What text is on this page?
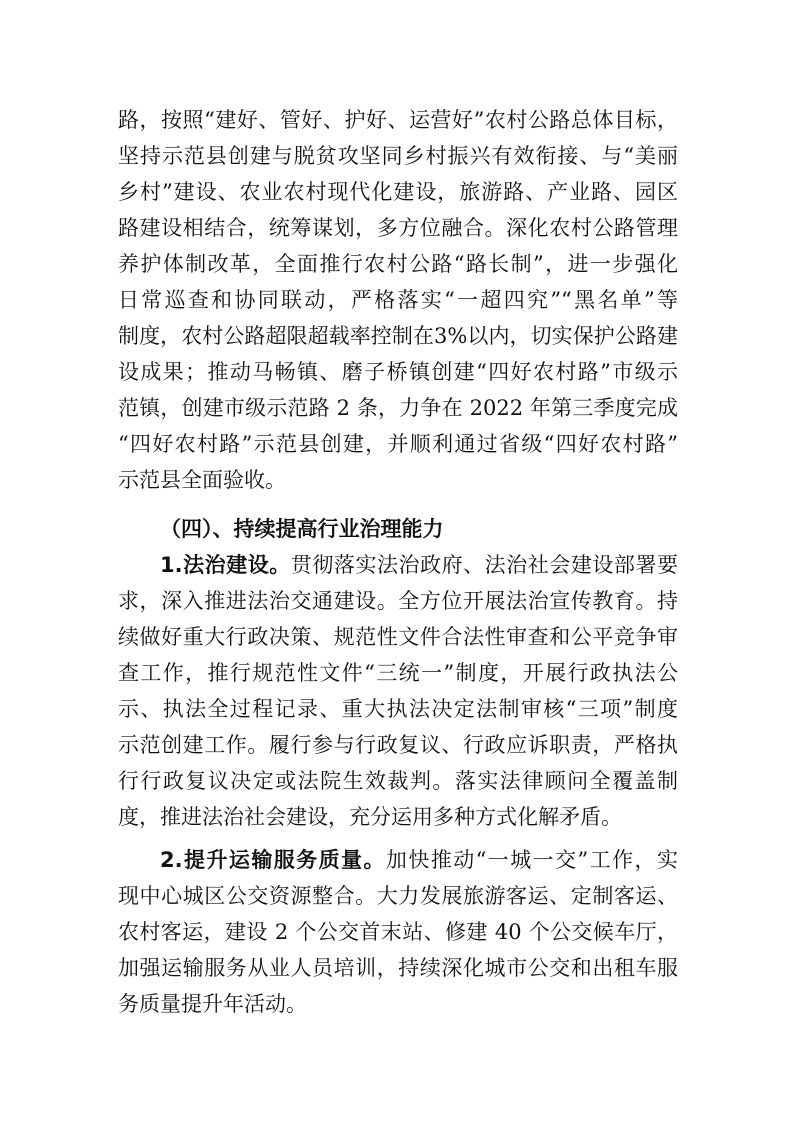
路，按照“建好、管好、护好、运营好”农村公路总体目标，
坚持示范县创建与脱贫攻坚同乡村振兴有效衔接、与“美丽
乡村”建设、农业农村现代化建设，旅游路、产业路、园区
路建设相结合，统筹谋划，多方位融合。深化农村公路管理
养护体制改革，全面推行农村公路“路长制”，进一步强化
日常巡查和协同联动，严格落实“一超四究”“黑名单”等
制度，农村公路超限超载率控制在3%以内，切实保护公路建
设成果；推动马畅镇、磨子桥镇创建“四好农村路”市级示
范镇，创建市级示范路 2 条，力争在 2022 年第三季度完成
“四好农村路”示范县创建，并顺利通过省级“四好农村路”
示范县全面验收。
（四）、持续提高行业治理能力
1.法治建设。贯彻落实法治政府、法治社会建设部署要
求，深入推进法治交通建设。全方位开展法治宣传教育。持
续做好重大行政决策、规范性文件合法性审查和公平竞争审
查工作，推行规范性文件“三统一”制度，开展行政执法公
示、执法全过程记录、重大执法决定法制审核“三项”制度
示范创建工作。履行参与行政复议、行政应诉职责，严格执
行行政复议决定或法院生效裁判。落实法律顾问全覆盖制
度，推进法治社会建设，充分运用多种方式化解矛盾。
2.提升运输服务质量。加快推动“一城一交”工作，实
现中心城区公交资源整合。大力发展旅游客运、定制客运、
农村客运，建设 2 个公交首末站、修建 40 个公交候车厅，
加强运输服务从业人员培训，持续深化城市公交和出租车服
务质量提升年活动。
